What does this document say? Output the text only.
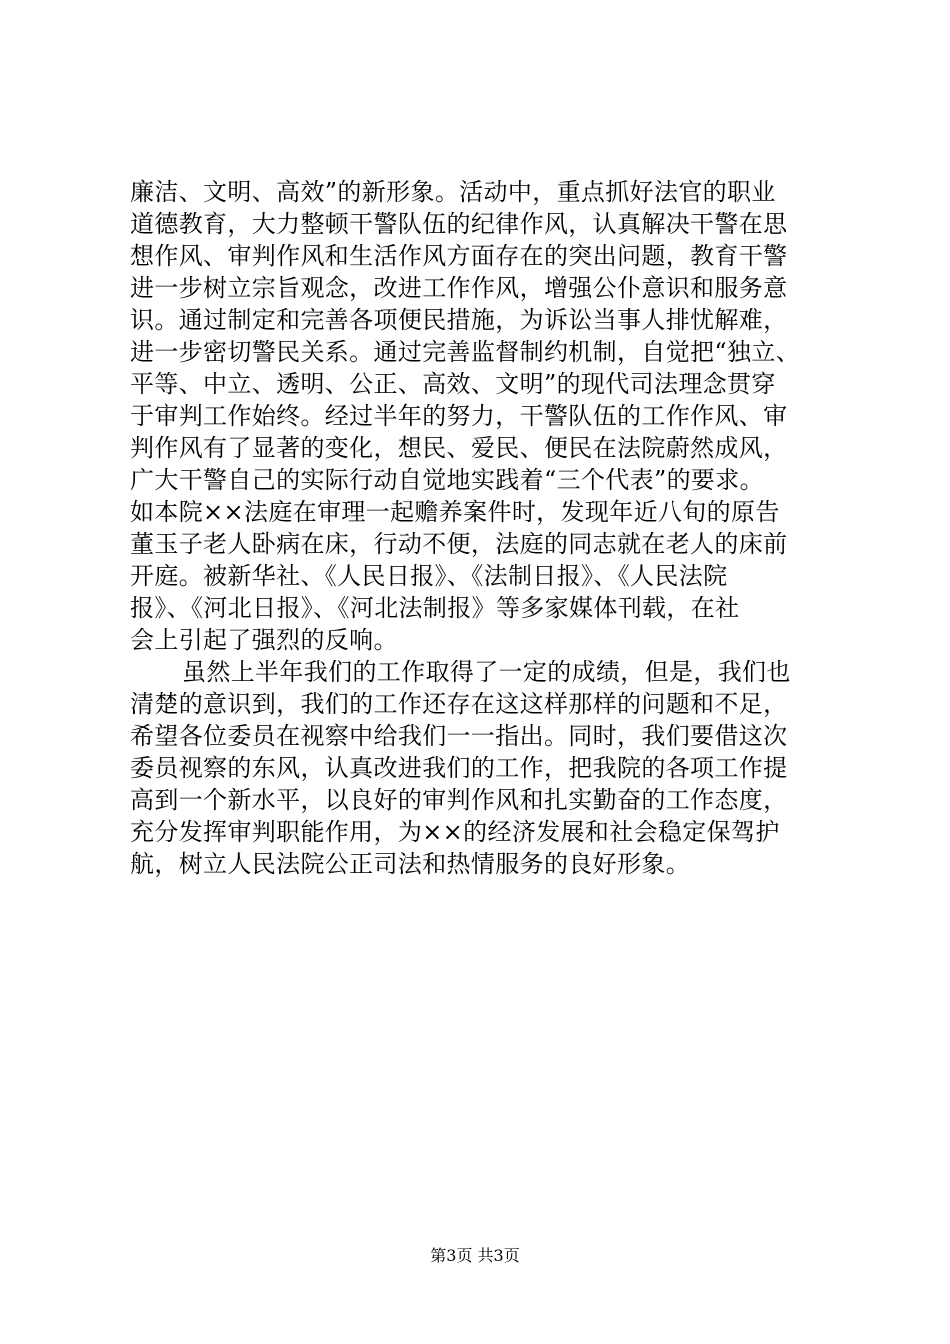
廉洁、文明、高效”的新形象。活动中，重点抓好法官的职业
道德教育，大力整顿干警队伍的纪律作风，认真解决干警在思
想作风、审判作风和生活作风方面存在的突出问题，教育干警
进一步树立宗旨观念，改进工作作风，增强公仆意识和服务意
识。通过制定和完善各项便民措施，为诉讼当事人排忧解难，
进一步密切警民关系。通过完善监督制约机制，自觉把“独立、
平等、中立、透明、公正、高效、文明”的现代司法理念贯穿
于审判工作始终。经过半年的努力，干警队伍的工作作风、审
判作风有了显著的变化，想民、爱民、便民在法院蔚然成风，
广大干警自己的实际行动自觉地实践着“三个代表”的要求。
如本院××法庭在审理一起赡养案件时，发现年近八旬的原告
董玉子老人卧病在床，行动不便，法庭的同志就在老人的床前
开庭。被新华社、《人民日报》、《法制日报》、《人民法院
报》、《河北日报》、《河北法制报》等多家媒体刊载，在社
会上引起了强烈的反响。
虽然上半年我们的工作取得了一定的成绩，但是，我们也
清楚的意识到，我们的工作还存在这这样那样的问题和不足，
希望各位委员在视察中给我们一一指出。同时，我们要借这次
委员视察的东风，认真改进我们的工作，把我院的各项工作提
高到一个新水平，以良好的审判作风和扎实勤奋的工作态度，
充分发挥审判职能作用，为××的经济发展和社会稳定保驾护
航，树立人民法院公正司法和热情服务的良好形象。
第3页 共3页
